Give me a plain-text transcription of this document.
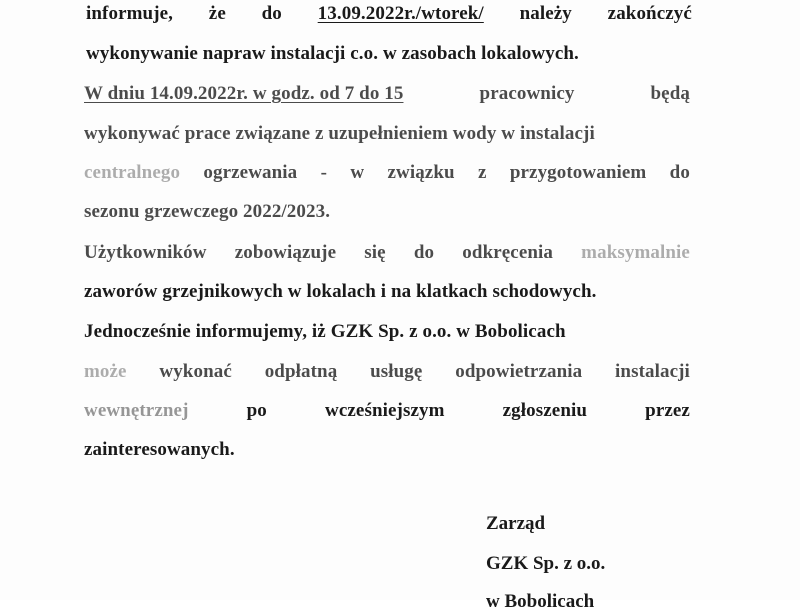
informuje, że do 13.09.2022r./wtorek/ należy zakończyć
wykonywanie napraw instalacji c.o. w zasobach lokalowych.
W dniu 14.09.2022r. w godz. od 7 do 15	pracownicy	będą
wykonywać prace związane z uzupełnieniem wody w instalacji
centralnego ogrzewania - w związku z przygotowaniem do
sezonu grzewczego 2022/2023.
Użytkowników zobowiązuje się do odkręcenia maksymalnie
zaworów grzejnikowych w lokalach i na klatkach schodowych.
Jednocześnie informujemy, iż GZK Sp. z o.o. w Bobolicach
może wykonać odpłatną usługę odpowietrzania instalacji
wewnętrznej	po	wcześniejszym	zgłoszeniu	przez
zainteresowanych.
Zarząd
GZK Sp. z o.o.
w Bobolicach
